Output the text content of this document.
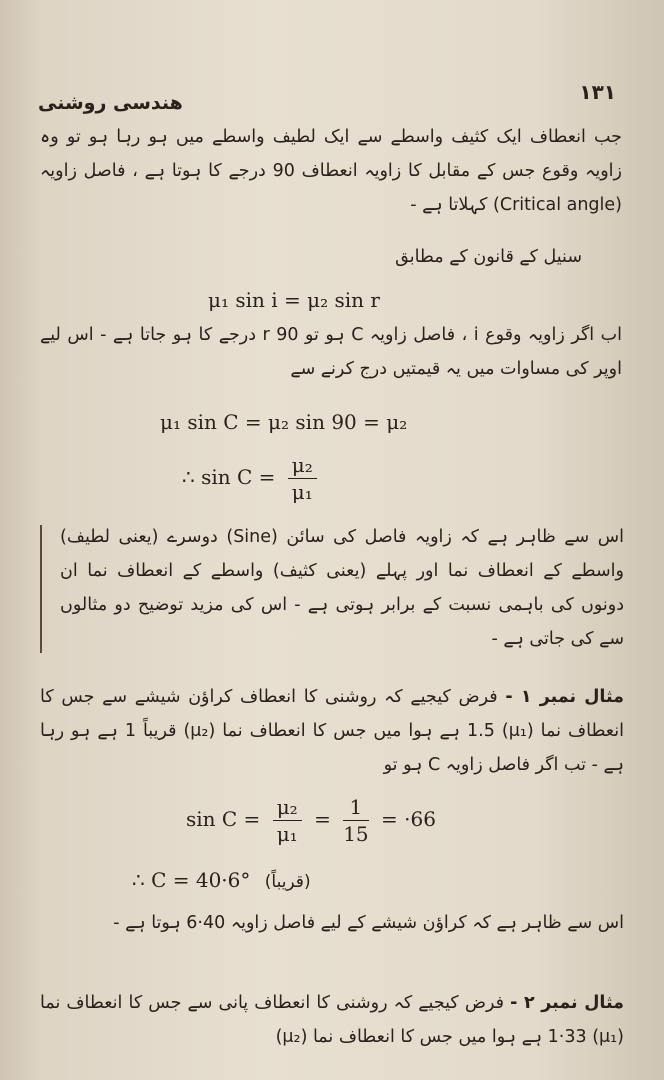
هندسی روشنی	۱۳۱
جب انعطاف ایک کثیف واسطے سے ایک لطیف واسطے میں ہو رہا ہو تو وہ زاویہ وقوع جس کے مقابل کا زاویہ انعطاف 90 درجے کا ہوتا ہے ، فاصل زاویہ (Critical angle) کہلاتا ہے -
سنیل کے قانون کے مطابق
μ₁ sin i = μ₂ sin r
اب اگر زاویہ وقوع i ، فاصل زاویہ C ہو تو r 90 درجے کا ہو جاتا ہے - اس لیے اوپر کی مساوات میں یہ قیمتیں درج کرنے سے
μ₁ sin C = μ₂ sin 90 = μ₂
∴ $\sin C = \frac{\text{μ₂}}{\text{μ₁}}$
اس سے ظاہر ہے کہ زاویہ فاصل کی سائن (Sine) دوسرے (یعنی لطیف) واسطے کے انعطاف نما اور پہلے (یعنی کثیف) واسطے کے انعطاف نما ان دونوں کی باہمی نسبت کے برابر ہوتی ہے - اس کی مزید توضیح دو مثالوں سے کی جاتی ہے -
مثال نمبر ۱ - فرض کیجیے کہ روشنی کا انعطاف کراؤن شیشے سے جس کا انعطاف نما (μ₁) 1.5 ہے ہوا میں جس کا انعطاف نما (μ₂) قریباً 1 ہے ہو رہا ہے - تب اگر فاصل زاویہ C ہو تو
$\sin C = \frac{\text{μ₂}}{\text{μ₁}} = \frac{1}{15} = \cdot 66$
∴ C = 40·6° (قریباً)
اس سے ظاہر ہے کہ کراؤن شیشے کے لیے فاصل زاویہ 40·6 ہوتا ہے -
مثال نمبر ۲ - فرض کیجیے کہ روشنی کا انعطاف پانی سے جس کا انعطاف نما (μ₁) 1·33 ہے ہوا میں جس کا انعطاف نما (μ₂)
